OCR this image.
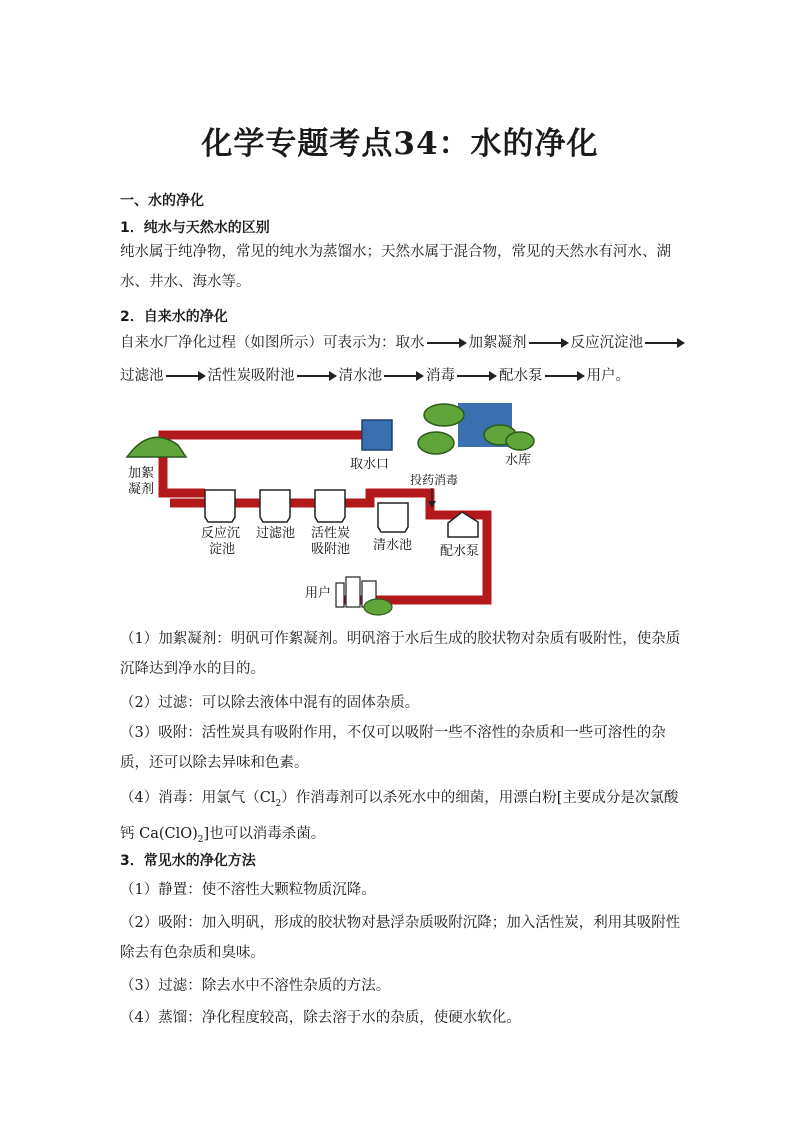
化学专题考点34：水的净化
一、水的净化
1．纯水与天然水的区别
纯水属于纯净物，常见的纯水为蒸馏水；天然水属于混合物，常见的天然水有河水、湖水、井水、海水等。
2．自来水的净化
自来水厂净化过程（如图所示）可表示为：取水	加絮凝剂	反应沉淀池
过滤池	活性炭吸附池	清水池	消毒	配水泵	用户。
水库
取水口
加絮
凝剂
反应沉
淀池
过滤池 活性炭
吸附池 清水池
投药消毒
配水泵
用户
（1）加絮凝剂：明矾可作絮凝剂。明矾溶于水后生成的胶状物对杂质有吸附性，使杂质沉降达到净水的目的。
（2）过滤：可以除去液体中混有的固体杂质。
（3）吸附：活性炭具有吸附作用，不仅可以吸附一些不溶性的杂质和一些可溶性的杂质，还可以除去异味和色素。
（4）消毒：用氯气$(Cl_2)$作消毒剂可以杀死水中的细菌，用漂白粉[主要成分是次氯酸钙 $Ca(ClO)_2$]也可以消毒杀菌。
3．常见水的净化方法
（1）静置：使不溶性大颗粒物质沉降。
（2）吸附：加入明矾，形成的胶状物对悬浮杂质吸附沉降；加入活性炭，利用其吸附性除去有色杂质和臭味。
（3）过滤：除去水中不溶性杂质的方法。
（4）蒸馏：净化程度较高，除去溶于水的杂质，使硬水软化。
